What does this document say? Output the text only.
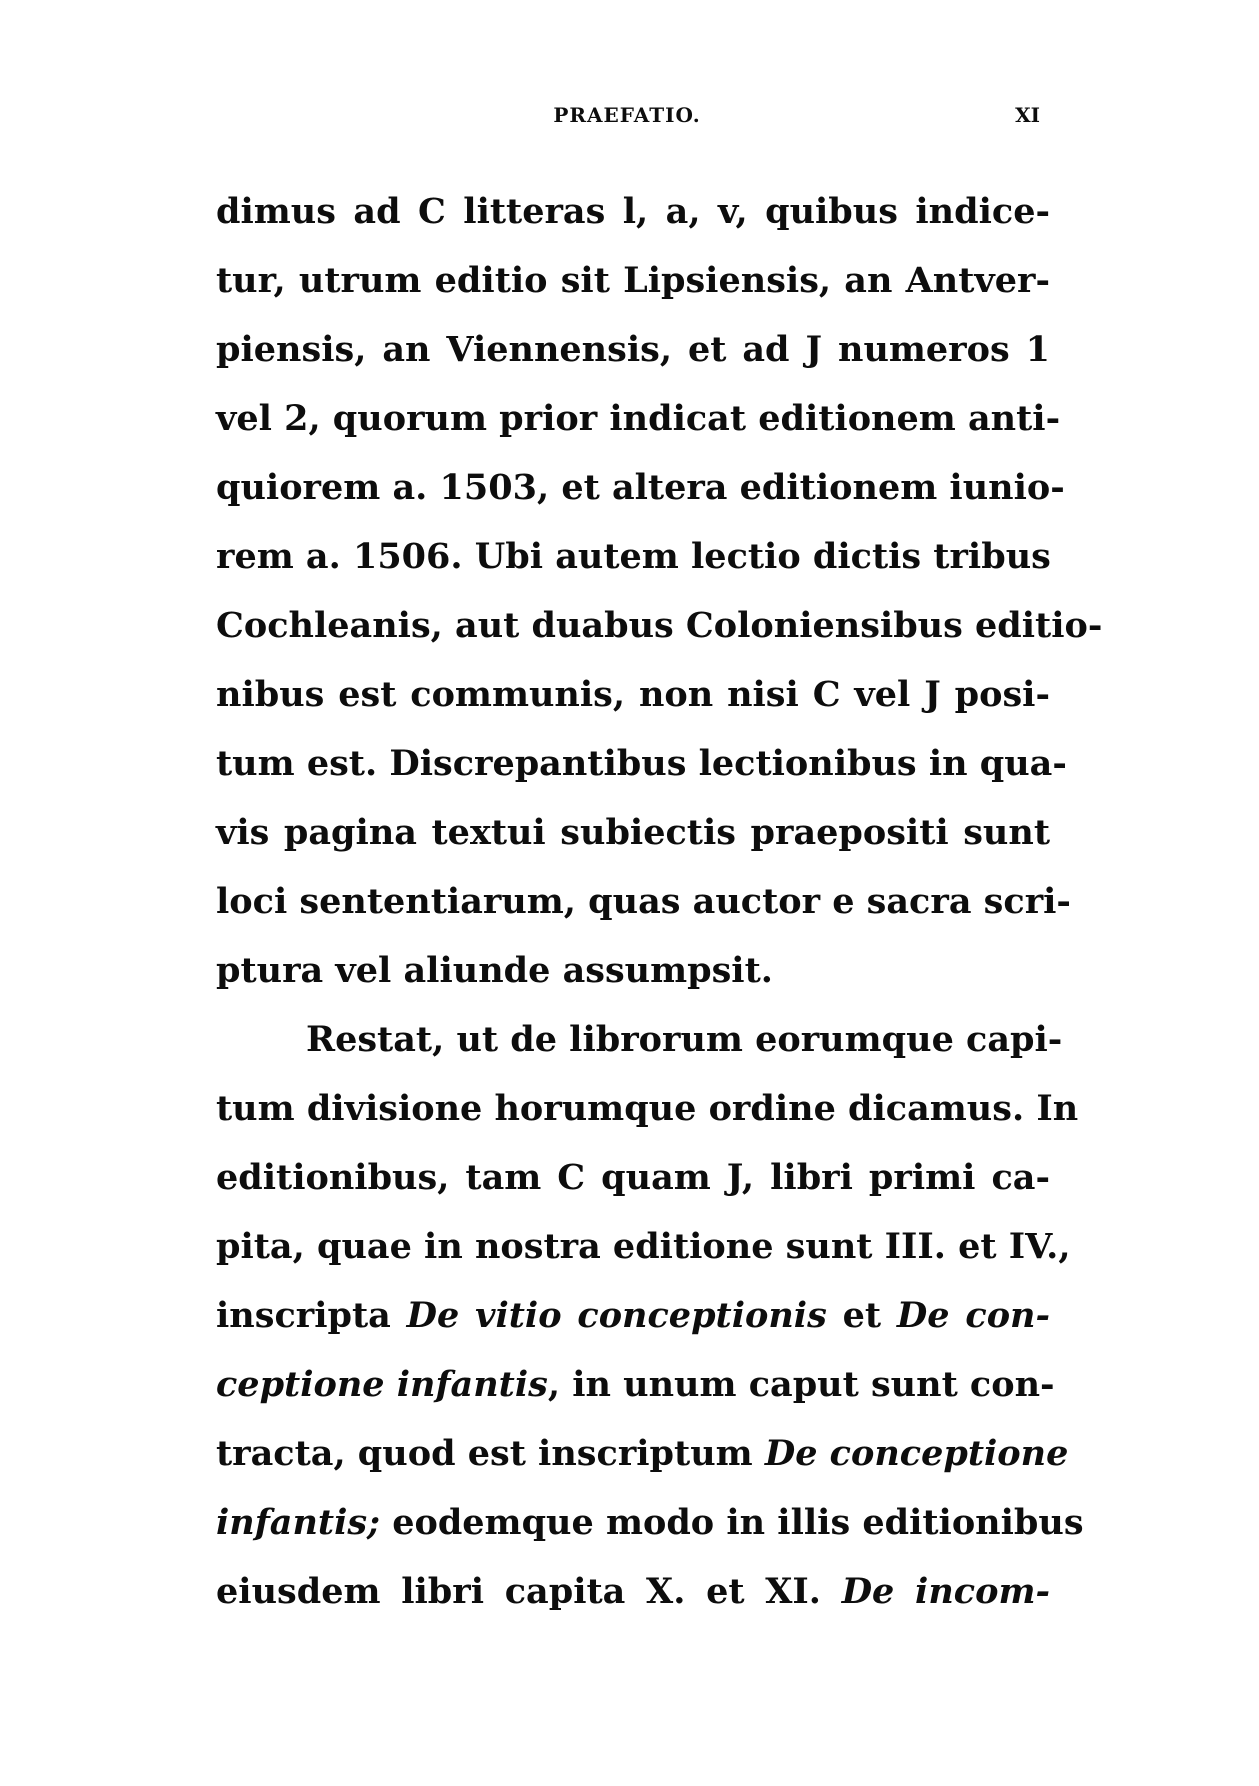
PRAEFATIO.	XI
dimus ad C litteras l, a, v, quibus indice-
tur, utrum editio sit Lipsiensis, an Antver-
piensis, an Viennensis, et ad J numeros 1
vel 2, quorum prior indicat editionem anti-
quiorem a. 1503, et altera editionem iunio-
rem a. 1506. Ubi autem lectio dictis tribus
Cochleanis, aut duabus Coloniensibus editio-
nibus est communis, non nisi C vel J posi-
tum est. Discrepantibus lectionibus in qua-
vis pagina textui subiectis praepositi sunt
loci sententiarum, quas auctor e sacra scri-
ptura vel aliunde assumpsit.
Restat, ut de librorum eorumque capi-
tum divisione horumque ordine dicamus. In
editionibus, tam C quam J, libri primi ca-
pita, quae in nostra editione sunt III. et IV.,
inscripta De vitio conceptionis et De con-
ceptione infantis, in unum caput sunt con-
tracta, quod est inscriptum De conceptione
infantis; eodemque modo in illis editionibus
eiusdem libri capita X. et XI. De incom-
